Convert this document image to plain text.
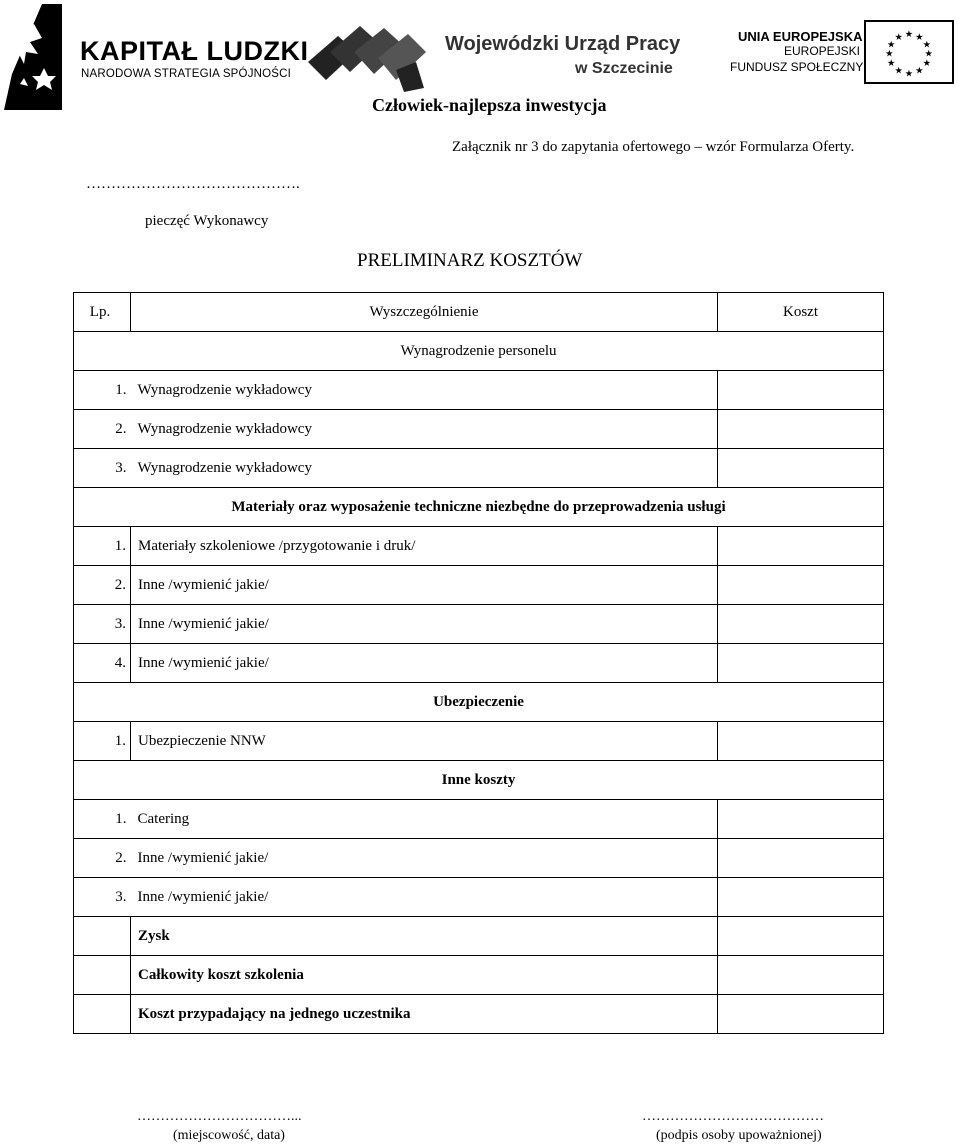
KAPITAŁ LUDZKI
NARODOWA STRATEGIA SPÓJNOŚCI
Wojewódzki Urząd Pracy
w Szczecinie
UNIA EUROPEJSKA
EUROPEJSKI
FUNDUSZ SPOŁECZNY
★ ★
★
★
★
★
★
★
★
★
★
★
Człowiek-najlepsza inwestycja
Załącznik nr 3 do zapytania ofertowego – wzór Formularza Oferty.
…………………………………….
pieczęć Wykonawcy
PRELIMINARZ KOSZTÓW
Lp.	Wyszczególnienie	Koszt
Wynagrodzenie personelu		
1.	Wynagrodzenie wykładowcy	
2.	Wynagrodzenie wykładowcy	
3.	Wynagrodzenie wykładowcy	
Materiały oraz wyposażenie techniczne niezbędne do przeprowadzenia usługi		
1.	Materiały szkoleniowe /przygotowanie i druk/	
2.	Inne /wymienić jakie/	
3.	Inne /wymienić jakie/	
4.	Inne /wymienić jakie/	
Ubezpieczenie		
1.	Ubezpieczenie NNW	
Inne koszty		
1.	Catering	
2.	Inne /wymienić jakie/	
3.	Inne /wymienić jakie/	
	Zysk	
	Całkowity koszt szkolenia	
	Koszt przypadający na jednego uczestnika	
……………………………...
(miejscowość, data)
…………………………………
(podpis osoby upoważnionej)
